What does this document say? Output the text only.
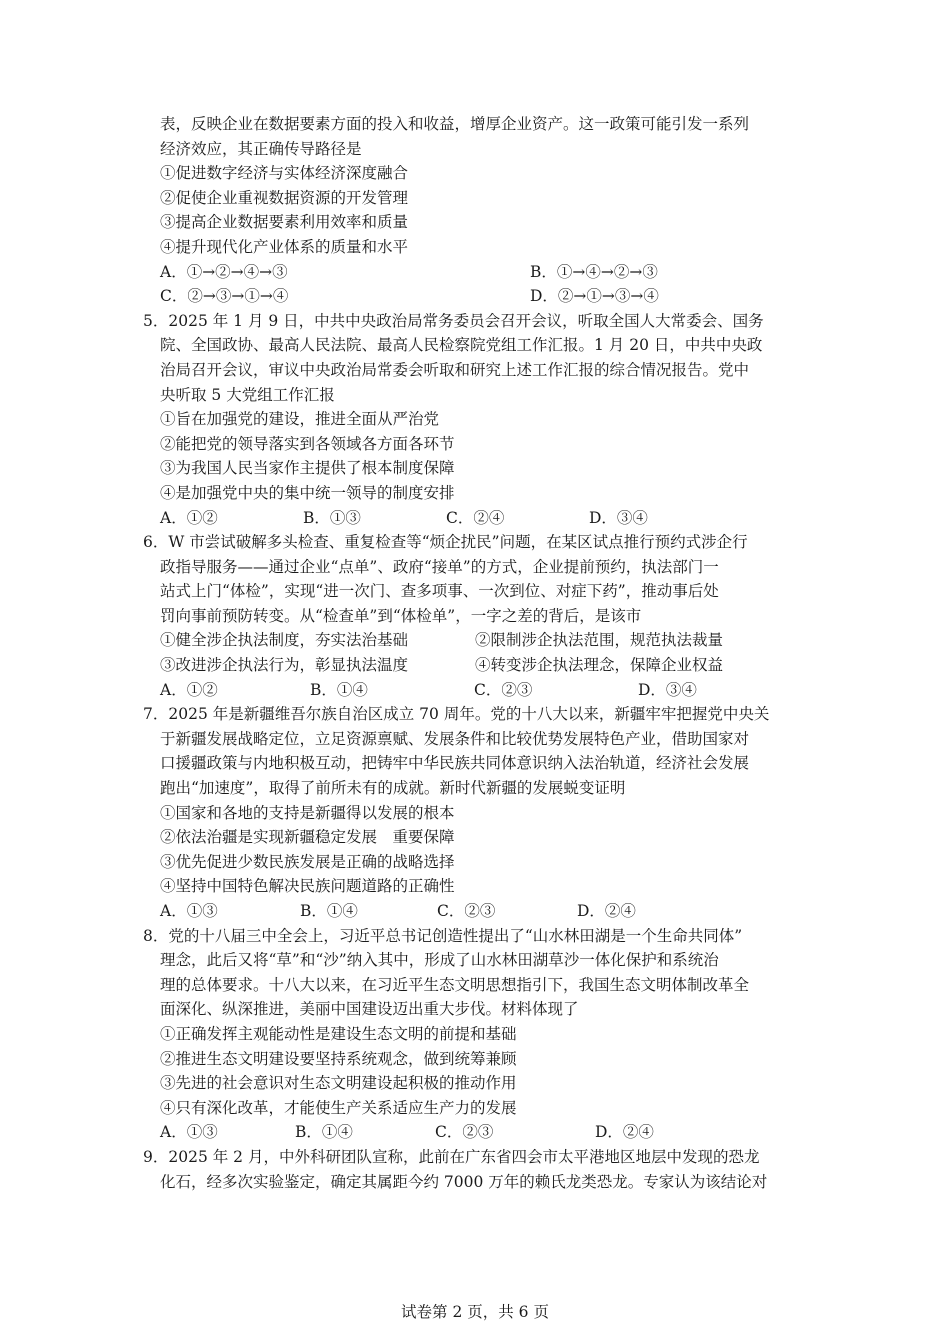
表，反映企业在数据要素方面的投入和收益，增厚企业资产。这一政策可能引发一系列
经济效应，其正确传导路径是
①促进数字经济与实体经济深度融合
②促使企业重视数据资源的开发管理
③提高企业数据要素利用效率和质量
④提升现代化产业体系的质量和水平
A．①→②→④→③	B．①→④→②→③
C．②→③→①→④	D．②→①→③→④
5．2025 年 1 月 9 日，中共中央政治局常务委员会召开会议，听取全国人大常委会、国务
院、全国政协、最高人民法院、最高人民检察院党组工作汇报。1 月 20 日，中共中央政
治局召开会议，审议中央政治局常委会听取和研究上述工作汇报的综合情况报告。党中
央听取 5 大党组工作汇报
①旨在加强党的建设，推进全面从严治党
②能把党的领导落实到各领域各方面各环节
③为我国人民当家作主提供了根本制度保障
④是加强党中央的集中统一领导的制度安排
A．①②	B．①③	C．②④	D．③④
6．W 市尝试破解多头检查、重复检查等“烦企扰民”问题，在某区试点推行预约式涉企行
政指导服务——通过企业“点单”、政府“接单”的方式，企业提前预约，执法部门一
站式上门“体检”，实现“进一次门、查多项事、一次到位、对症下药”，推动事后处
罚向事前预防转变。从“检查单”到“体检单”，一字之差的背后，是该市
①健全涉企执法制度，夯实法治基础	②限制涉企执法范围，规范执法裁量
③改进涉企执法行为，彰显执法温度	④转变涉企执法理念，保障企业权益
A．①②	B．①④	C．②③	D．③④
7．2025 年是新疆维吾尔族自治区成立 70 周年。党的十八大以来，新疆牢牢把握党中央关
于新疆发展战略定位，立足资源禀赋、发展条件和比较优势发展特色产业，借助国家对
口援疆政策与内地积极互动，把铸牢中华民族共同体意识纳入法治轨道，经济社会发展
跑出“加速度”，取得了前所未有的成就。新时代新疆的发展蜕变证明
①国家和各地的支持是新疆得以发展的根本
②依法治疆是实现新疆稳定发展　重要保障
③优先促进少数民族发展是正确的战略选择
④坚持中国特色解决民族问题道路的正确性
A．①③	B．①④	C．②③	D．②④
8．党的十八届三中全会上，习近平总书记创造性提出了“山水林田湖是一个生命共同体”
理念，此后又将“草”和“沙”纳入其中，形成了山水林田湖草沙一体化保护和系统治
理的总体要求。十八大以来，在习近平生态文明思想指引下，我国生态文明体制改革全
面深化、纵深推进，美丽中国建设迈出重大步伐。材料体现了
①正确发挥主观能动性是建设生态文明的前提和基础
②推进生态文明建设要坚持系统观念，做到统筹兼顾
③先进的社会意识对生态文明建设起积极的推动作用
④只有深化改革，才能使生产关系适应生产力的发展
A．①③	B．①④	C．②③	D．②④
9．2025 年 2 月，中外科研团队宣称，此前在广东省四会市太平港地区地层中发现的恐龙
化石，经多次实验鉴定，确定其属距今约 7000 万年的赖氏龙类恐龙。专家认为该结论对
试卷第 2 页，共 6 页
